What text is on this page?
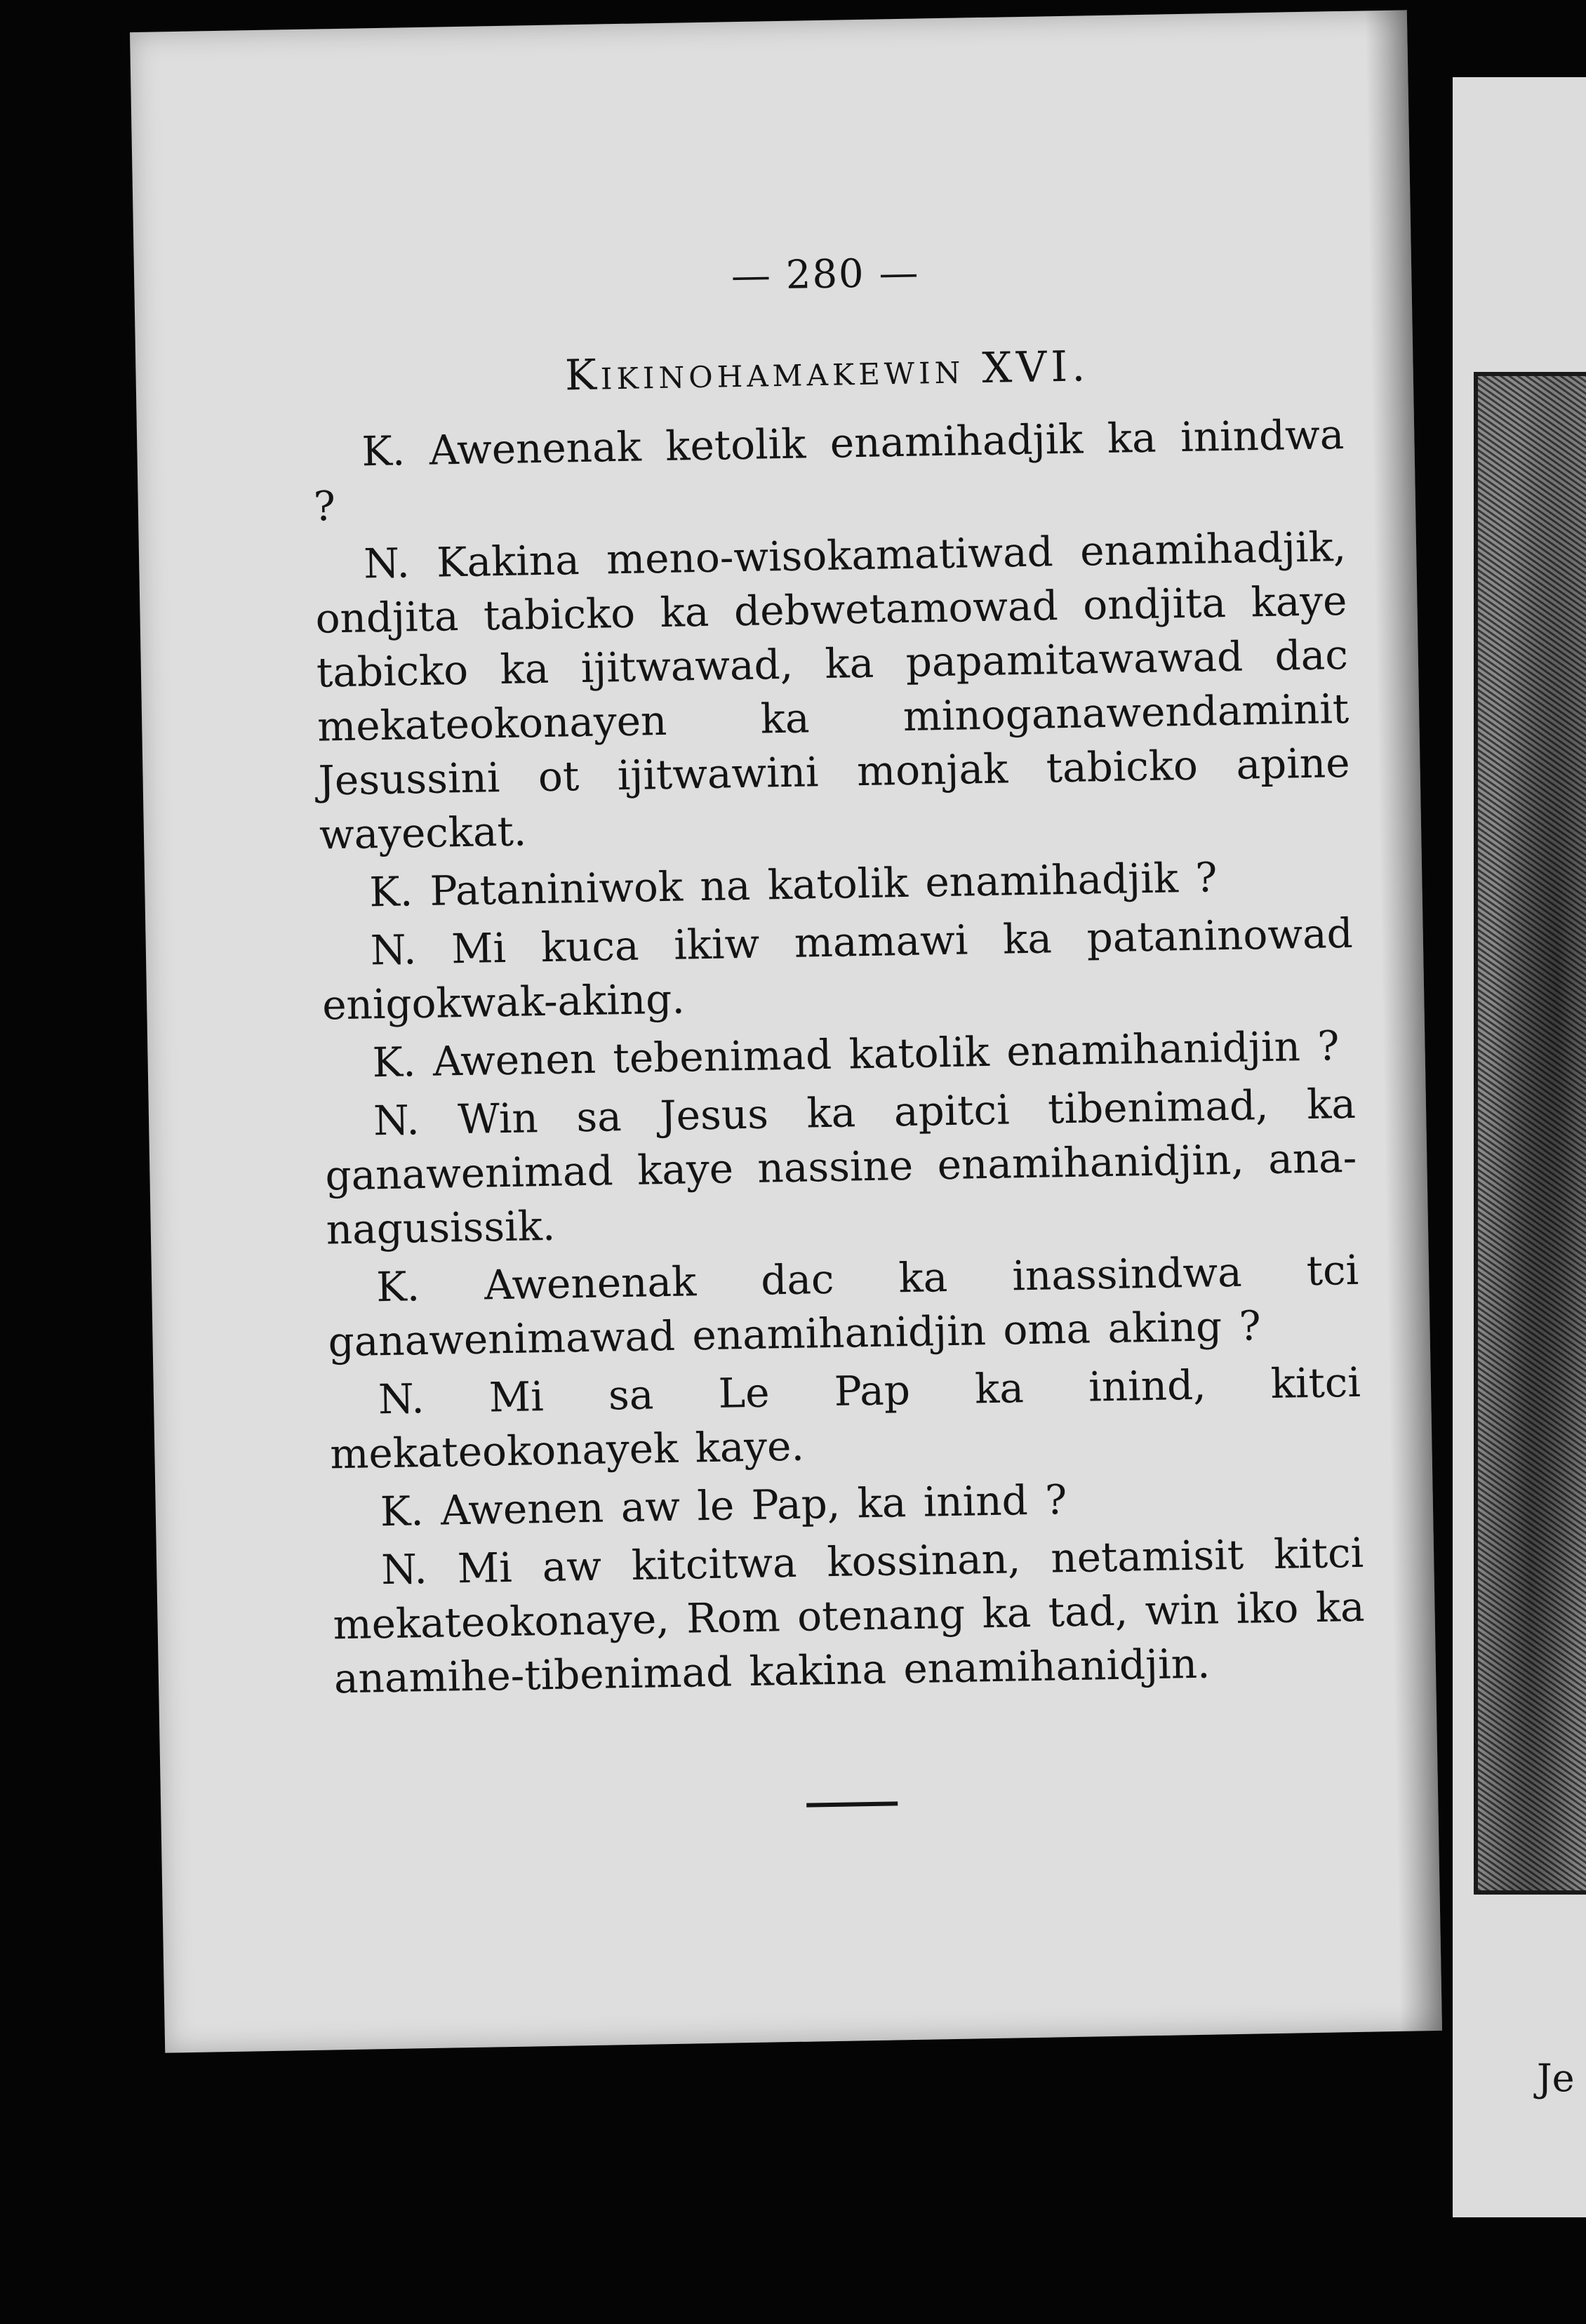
— 280 —
Kikinohamakewin XVI.

K. Awenenak ketolik enamihadjik ka inindwa ?

N. Kakina meno-wisokamatiwad enamihadjik, ondjita tabicko ka debwetamowad ondjita kaye tabicko ka ijitwawad, ka papamitawawad dac mekateokonayen ka minoganawendaminit Jesussini ot ijitwawini monjak tabicko apine wayeckat.

K. Pataniniwok na katolik enamihadjik ?

N. Mi kuca ikiw mamawi ka pataninowad enigokwak-aking.

K. Awenen tebenimad katolik enamihanidjin ?

N. Win sa Jesus ka apitci tibenimad, ka ganawenimad kaye nassine enamihanidjin, ana-nagusissik.

K. Awenenak dac ka inassindwa tci ganawenimawad enamihanidjin oma aking ?

N. Mi sa Le Pap ka inind, kitci mekateokonayek kaye.

K. Awenen aw le Pap, ka inind ?

N. Mi aw kitcitwa kossinan, netamisit kitci mekateokonaye, Rom otenang ka tad, win iko ka anamihe-tibenimad kakina enamihanidjin.

Je
